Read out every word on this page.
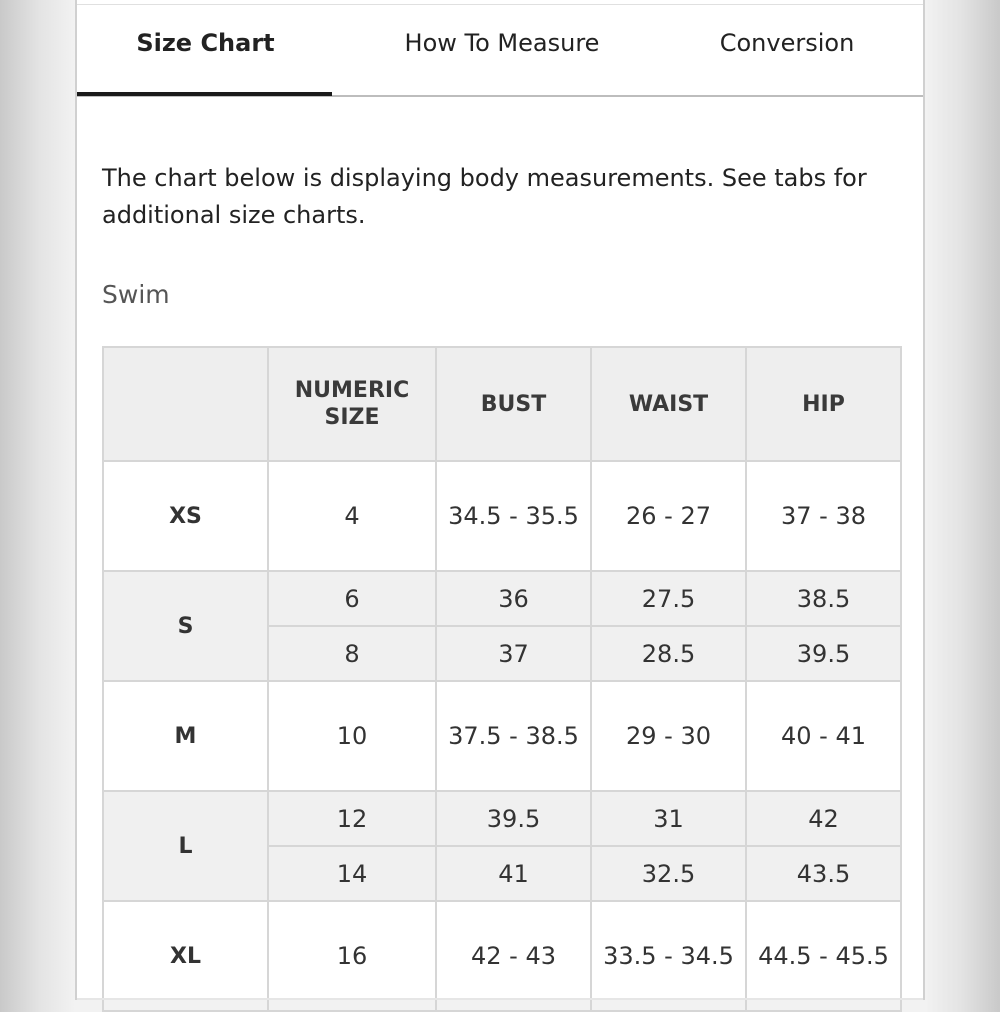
Size Chart	How To Measure	Conversion
The chart below is displaying body measurements. See tabs for additional size charts.
Swim
	NUMERIC SIZE	BUST	WAIST	HIP
XS	4	34.5 - 35.5	26 - 27	37 - 38
S	6	36	27.5	38.5
	8	37	28.5	39.5
M	10	37.5 - 38.5	29 - 30	40 - 41
L	12	39.5	31	42
	14	41	32.5	43.5
XL	16	42 - 43	33.5 - 34.5	44.5 - 45.5
